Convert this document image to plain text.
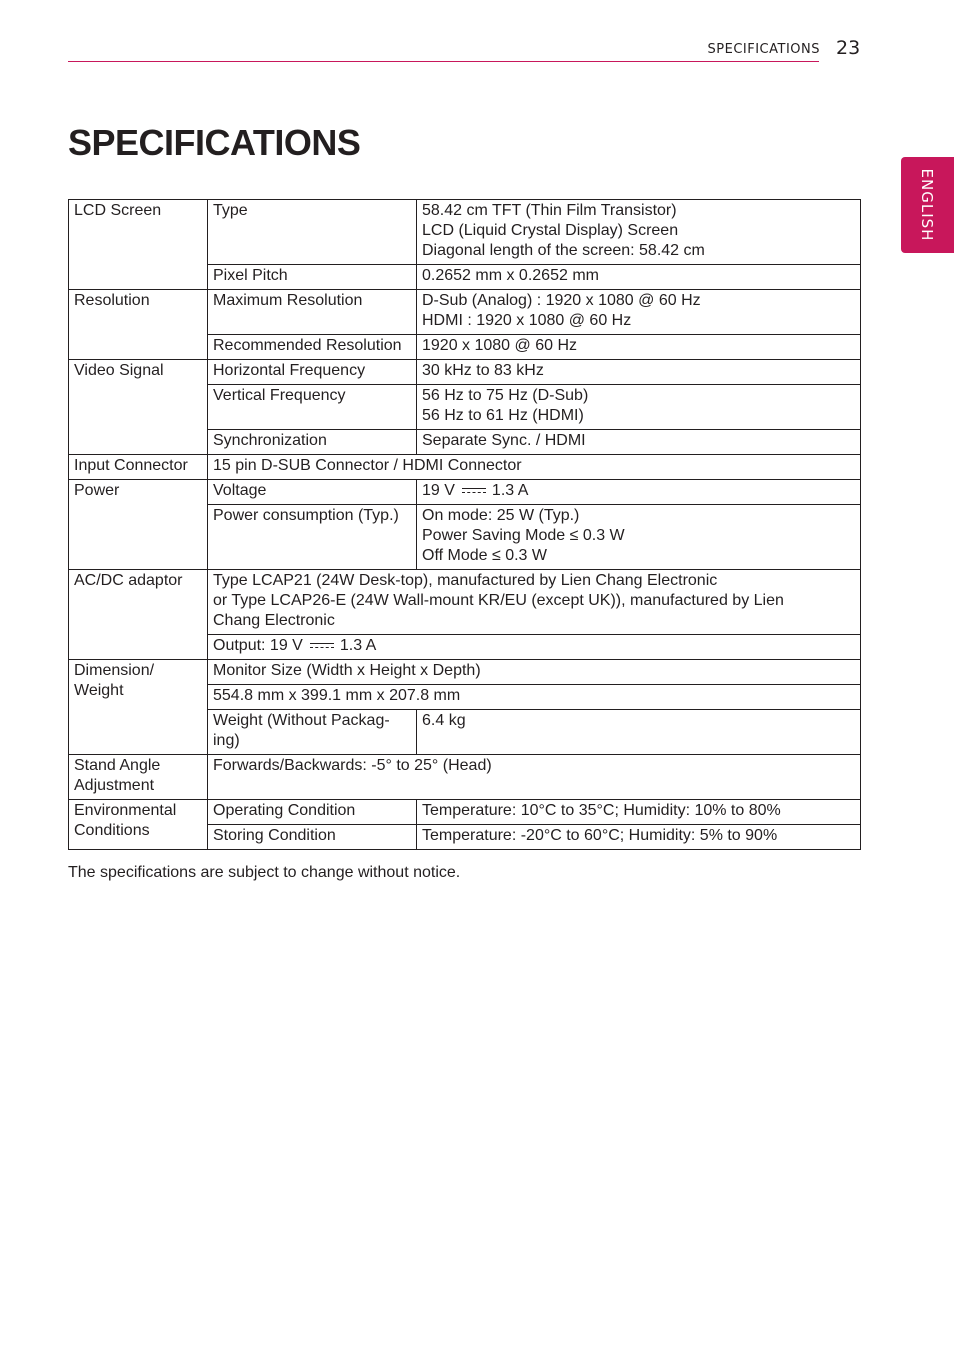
SPECIFICATIONS 23
ENGLISH
SPECIFICATIONS
LCD Screen	Type	58.42 cm TFT (Thin Film Transistor)
LCD (Liquid Crystal Display) Screen
Diagonal length of the screen: 58.42 cm

	Pixel Pitch	0.2652 mm x 0.2652 mm
Resolution	Maximum Resolution	D-Sub (Analog) : 1920 x 1080 @ 60 Hz
HDMI : 1920 x 1080 @ 60 Hz

	Recommended Resolution	1920 x 1080 @ 60 Hz
Video Signal	Horizontal Frequency	30 kHz to 83 kHz
	Vertical Frequency	56 Hz to 75 Hz (D-Sub)
56 Hz to 61 Hz (HDMI)

	Synchronization	Separate Sync. / HDMI
Input Connector	15 pin D-SUB Connector / HDMI Connector	
Power	Voltage	19 V 1.3 A
	Power consumption (Typ.)	On mode: 25 W (Typ.)
Power Saving Mode ≤ 0.3 W
Off Mode ≤ 0.3 W

AC/DC adaptor	Type LCAP21 (24W Desk-top), manufactured by Lien Chang Electronic
or Type LCAP26-E (24W Wall-mount KR/EU (except UK)), manufactured by Lien
Chang Electronic	

	Output: 19 V 1.3 A	

Dimension/
Weight	Monitor Size (Width x Height x Depth)	
	554.8 mm x 399.1 mm x 207.8 mm	

	Weight (Without Packag-
ing)	6.4 kg

Stand Angle
Adjustment	Forwards/Backwards: -5° to 25° (Head)	

Environmental
Conditions	Operating Condition	Temperature: 10°C to 35°C; Humidity: 10% to 80%
	Storing Condition	Temperature: -20°C to 60°C; Humidity: 5% to 90%
The specifications are subject to change without notice.
